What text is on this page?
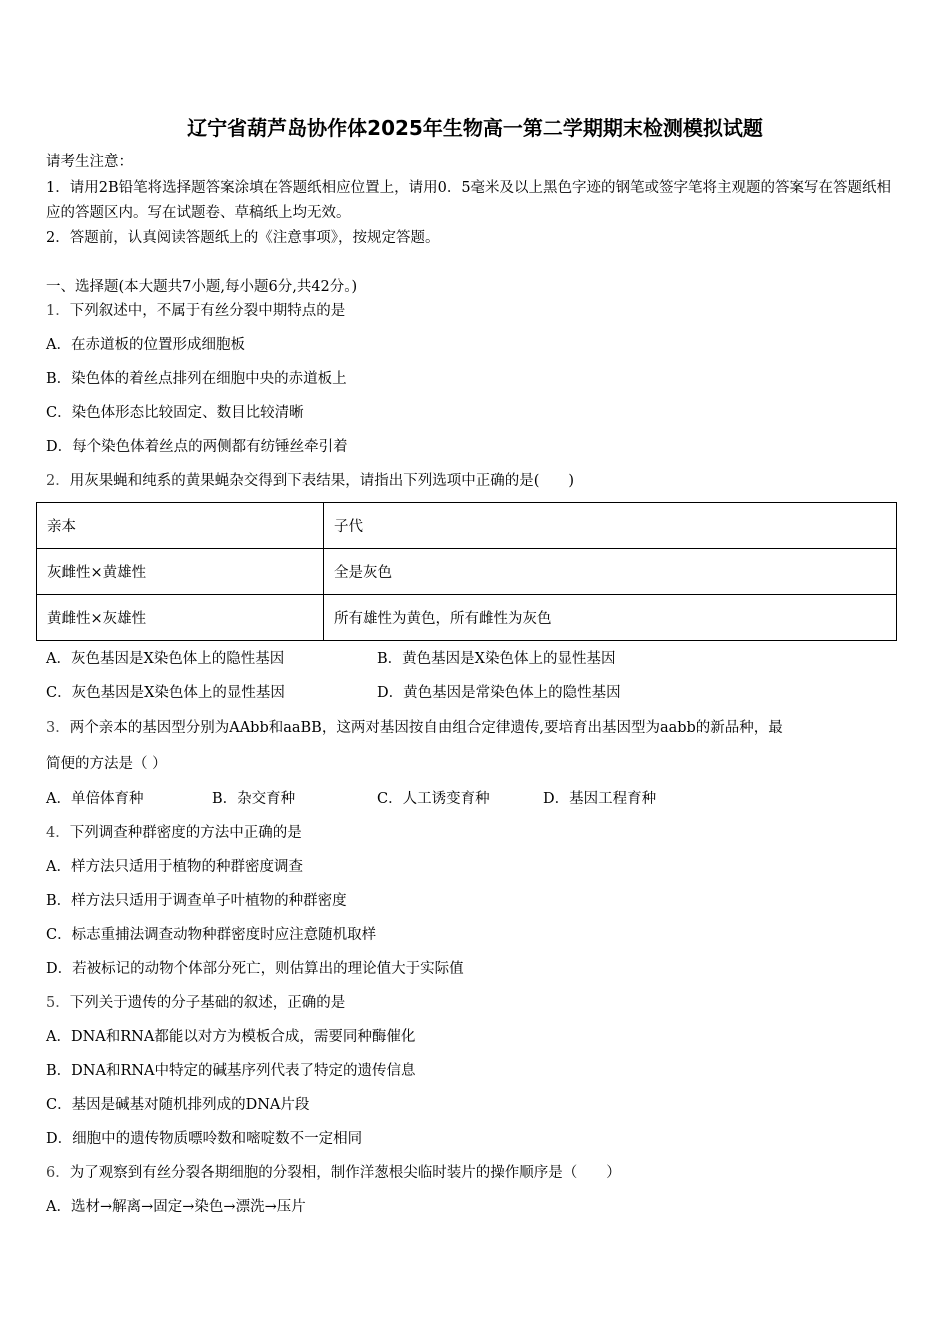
辽宁省葫芦岛协作体2025年生物高一第二学期期末检测模拟试题
请考生注意：
1．请用2B铅笔将选择题答案涂填在答题纸相应位置上，请用0．5毫米及以上黑色字迹的钢笔或签字笔将主观题的答案写在答题纸相应的答题区内。写在试题卷、草稿纸上均无效。
2．答题前，认真阅读答题纸上的《注意事项》，按规定答题。
一、选择题(本大题共7小题,每小题6分,共42分。)
1．下列叙述中，不属于有丝分裂中期特点的是
A．在赤道板的位置形成细胞板
B．染色体的着丝点排列在细胞中央的赤道板上
C．染色体形态比较固定、数目比较清晰
D．每个染色体着丝点的两侧都有纺锤丝牵引着
2．用灰果蝇和纯系的黄果蝇杂交得到下表结果，请指出下列选项中正确的是(　　)
亲本	子代
灰雌性×黄雄性	全是灰色
黄雌性×灰雄性	所有雄性为黄色，所有雌性为灰色
A．灰色基因是X染色体上的隐性基因	B．黄色基因是X染色体上的显性基因
C．灰色基因是X染色体上的显性基因	D．黄色基因是常染色体上的隐性基因
3．两个亲本的基因型分别为AAbb和aaBB，这两对基因按自由组合定律遗传,要培育出基因型为aabb的新品种，最
简便的方法是（ ）
A．单倍体育种	B．杂交育种	C．人工诱变育种	D．基因工程育种
4．下列调查种群密度的方法中正确的是
A．样方法只适用于植物的种群密度调查
B．样方法只适用于调查单子叶植物的种群密度
C．标志重捕法调查动物种群密度时应注意随机取样
D．若被标记的动物个体部分死亡，则估算出的理论值大于实际值
5．下列关于遗传的分子基础的叙述，正确的是
A．DNA和RNA都能以对方为模板合成，需要同种酶催化
B．DNA和RNA中特定的碱基序列代表了特定的遗传信息
C．基因是碱基对随机排列成的DNA片段
D．细胞中的遗传物质嘌呤数和嘧啶数不一定相同
6．为了观察到有丝分裂各期细胞的分裂相，制作洋葱根尖临时装片的操作顺序是（　　）
A．选材→解离→固定→染色→漂洗→压片
